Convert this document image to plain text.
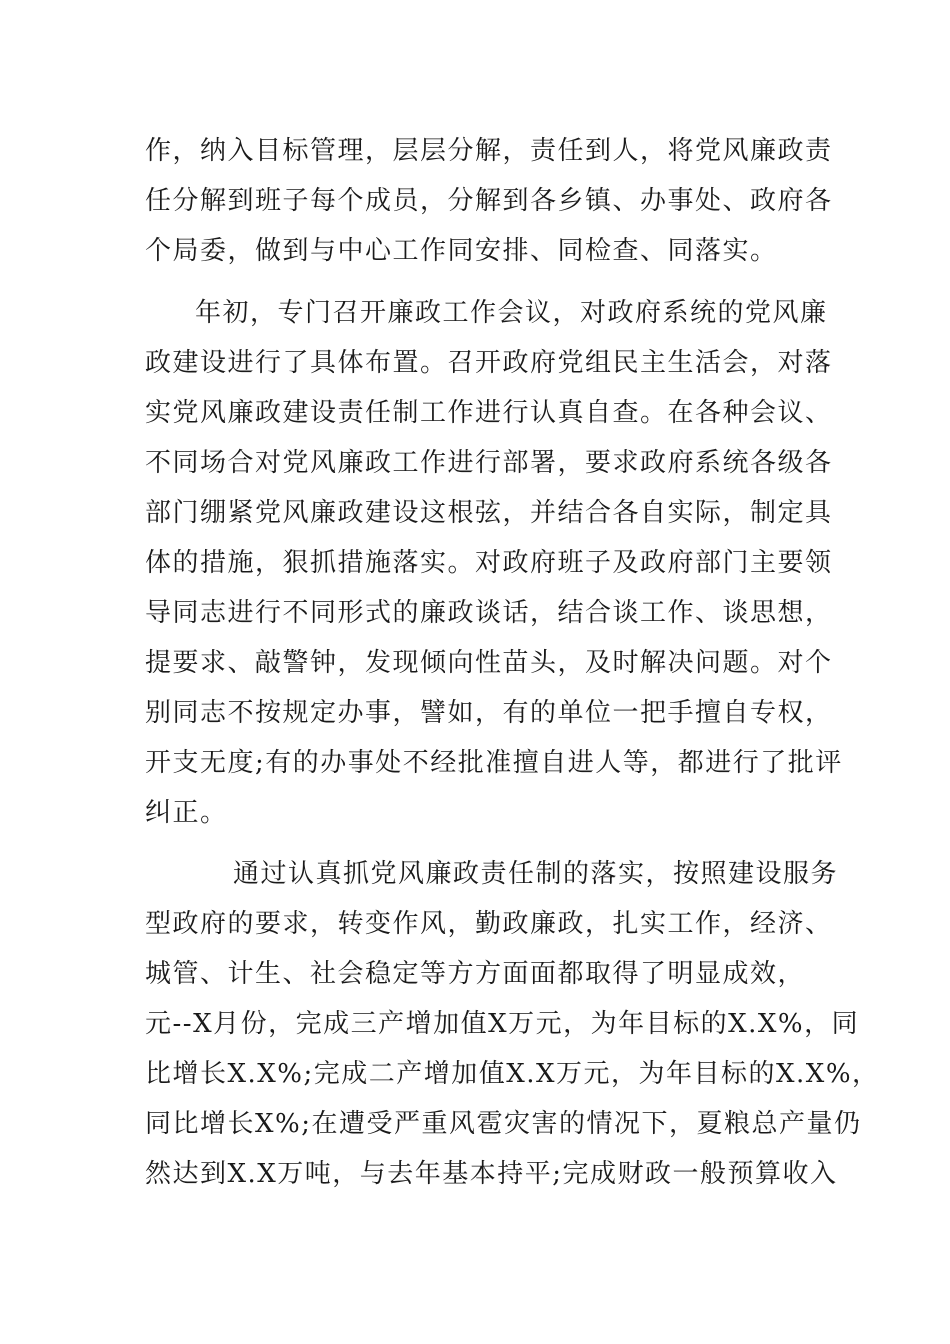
作，纳入目标管理，层层分解，责任到人，将党风廉政责
任分解到班子每个成员，分解到各乡镇、办事处、政府各
个局委，做到与中心工作同安排、同检查、同落实。
年初，专门召开廉政工作会议，对政府系统的党风廉
政建设进行了具体布置。召开政府党组民主生活会，对落
实党风廉政建设责任制工作进行认真自查。在各种会议、
不同场合对党风廉政工作进行部署，要求政府系统各级各
部门绷紧党风廉政建设这根弦，并结合各自实际，制定具
体的措施，狠抓措施落实。对政府班子及政府部门主要领
导同志进行不同形式的廉政谈话，结合谈工作、谈思想，
提要求、敲警钟，发现倾向性苗头，及时解决问题。对个
别同志不按规定办事，譬如，有的单位一把手擅自专权，
开支无度;有的办事处不经批准擅自进人等，都进行了批评
纠正。
通过认真抓党风廉政责任制的落实，按照建设服务
型政府的要求，转变作风，勤政廉政，扎实工作，经济、
城管、计生、社会稳定等方方面面都取得了明显成效，
元--X月份，完成三产增加值X万元，为年目标的X.X%，同
比增长X.X%;完成二产增加值X.X万元，为年目标的X.X%，
同比增长X%;在遭受严重风雹灾害的情况下，夏粮总产量仍
然达到X.X万吨，与去年基本持平;完成财政一般预算收入
